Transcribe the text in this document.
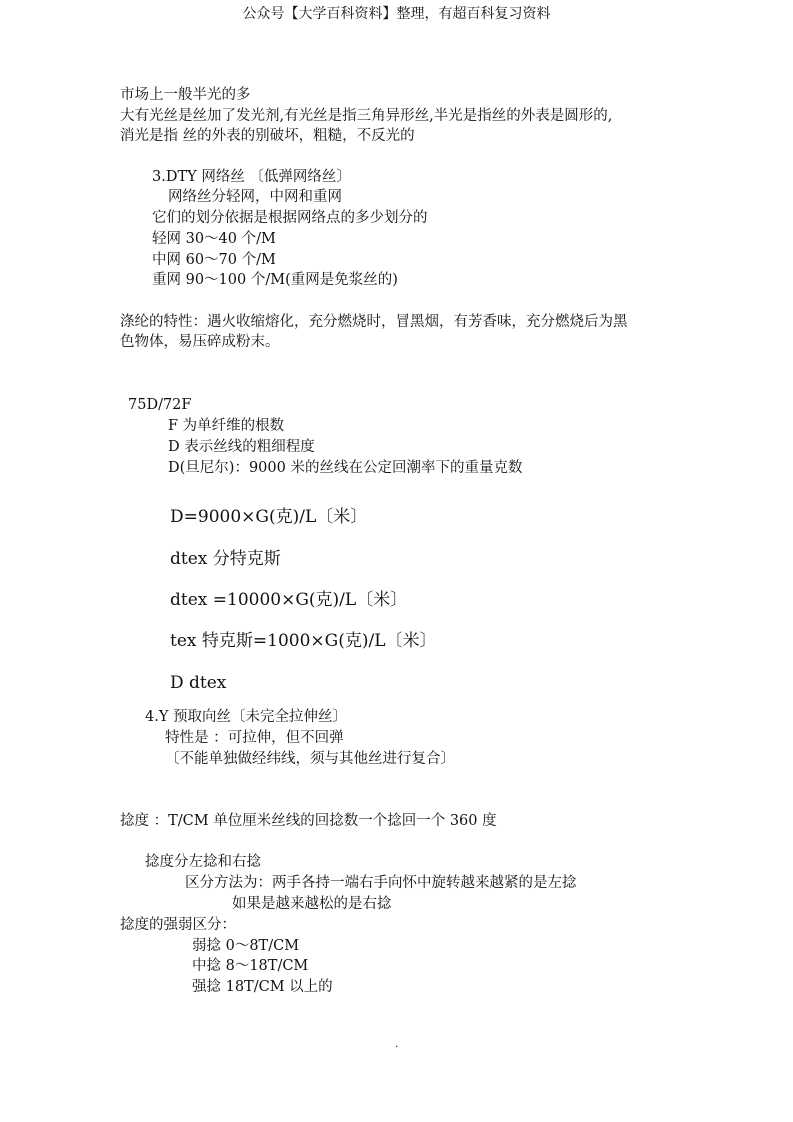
公众号【大学百科资料】整理，有超百科复习资料
市场上一般半光的多
大有光丝是丝加了发光剂,有光丝是指三角异形丝,半光是指丝的外表是圆形的,
消光是指 丝的外表的别破坏，粗糙，不反光的
3.DTY 网络丝 〔低弹网络丝〕
网络丝分轻网，中网和重网
它们的划分依据是根据网络点的多少划分的
轻网 30～40 个/M
中网 60～70 个/M
重网 90～100 个/M(重网是免浆丝的)
涤纶的特性：遇火收缩熔化，充分燃烧时，冒黑烟，有芳香味，充分燃烧后为黑
色物体，易压碎成粉末。
75D/72F
F 为单纤维的根数
D 表示丝线的粗细程度
D(旦尼尔)：9000 米的丝线在公定回潮率下的重量克数
D=9000×G(克)/L〔米〕
dtex 分特克斯
dtex =10000×G(克)/L〔米〕
tex 特克斯=1000×G(克)/L〔米〕
D dtex
4.Y 预取向丝〔未完全拉伸丝〕
特性是 ：可拉伸，但不回弹
〔不能单独做经纬线，须与其他丝进行复合〕
捻度 ：T/CM 单位厘米丝线的回捻数一个捻回一个 360 度
捻度分左捻和右捻
区分方法为：两手各持一端右手向怀中旋转越来越紧的是左捻
如果是越来越松的是右捻
捻度的强弱区分：
弱捻 0～8T/CM
中捻 8～18T/CM
强捻 18T/CM 以上的
.
